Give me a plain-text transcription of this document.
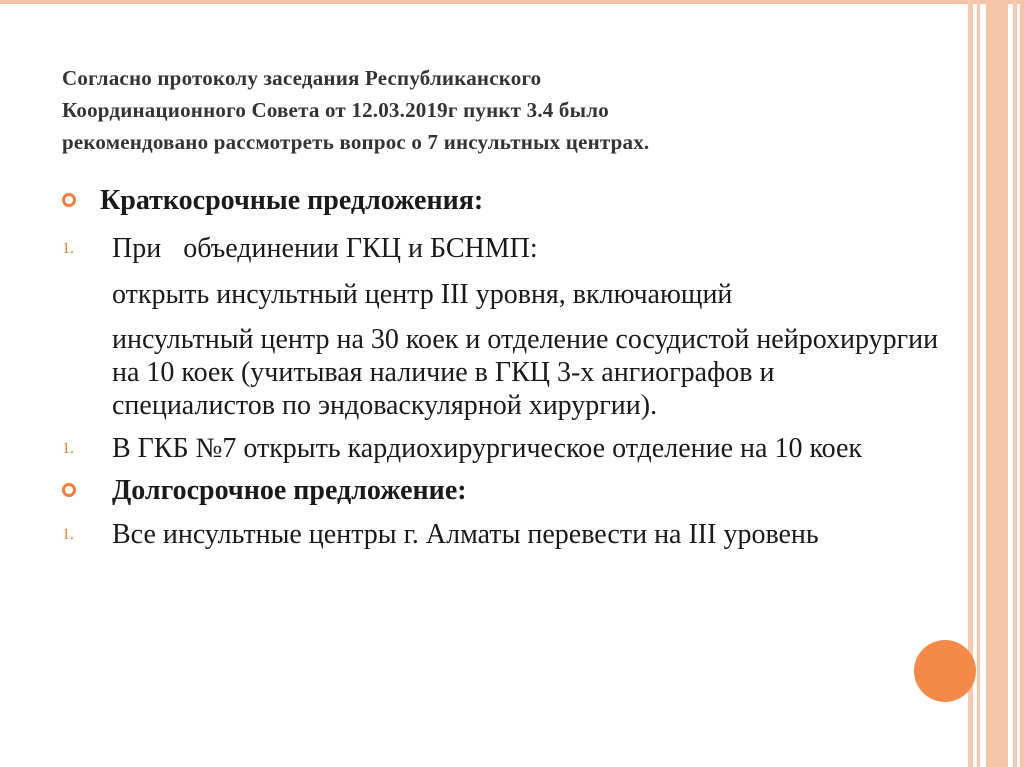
Согласно протоколу заседания Республиканского
Координационного Совета от 12.03.2019г пункт 3.4 было
рекомендовано рассмотреть вопрос о 7 инсультных центрах.
Краткосрочные предложения:
1. При объединении ГКЦ и БСНМП:
открыть инсультный центр III уровня, включающий
инсультный центр на 30 коек и отделение сосудистой нейрохирургии на 10 коек (учитывая наличие в ГКЦ 3-х ангиографов и специалистов по эндоваскулярной хирургии).
1. В ГКБ №7 открыть кардиохирургическое отделение на 10 коек
Долгосрочное предложение:
1. Все инсультные центры г. Алматы перевести на III уровень
